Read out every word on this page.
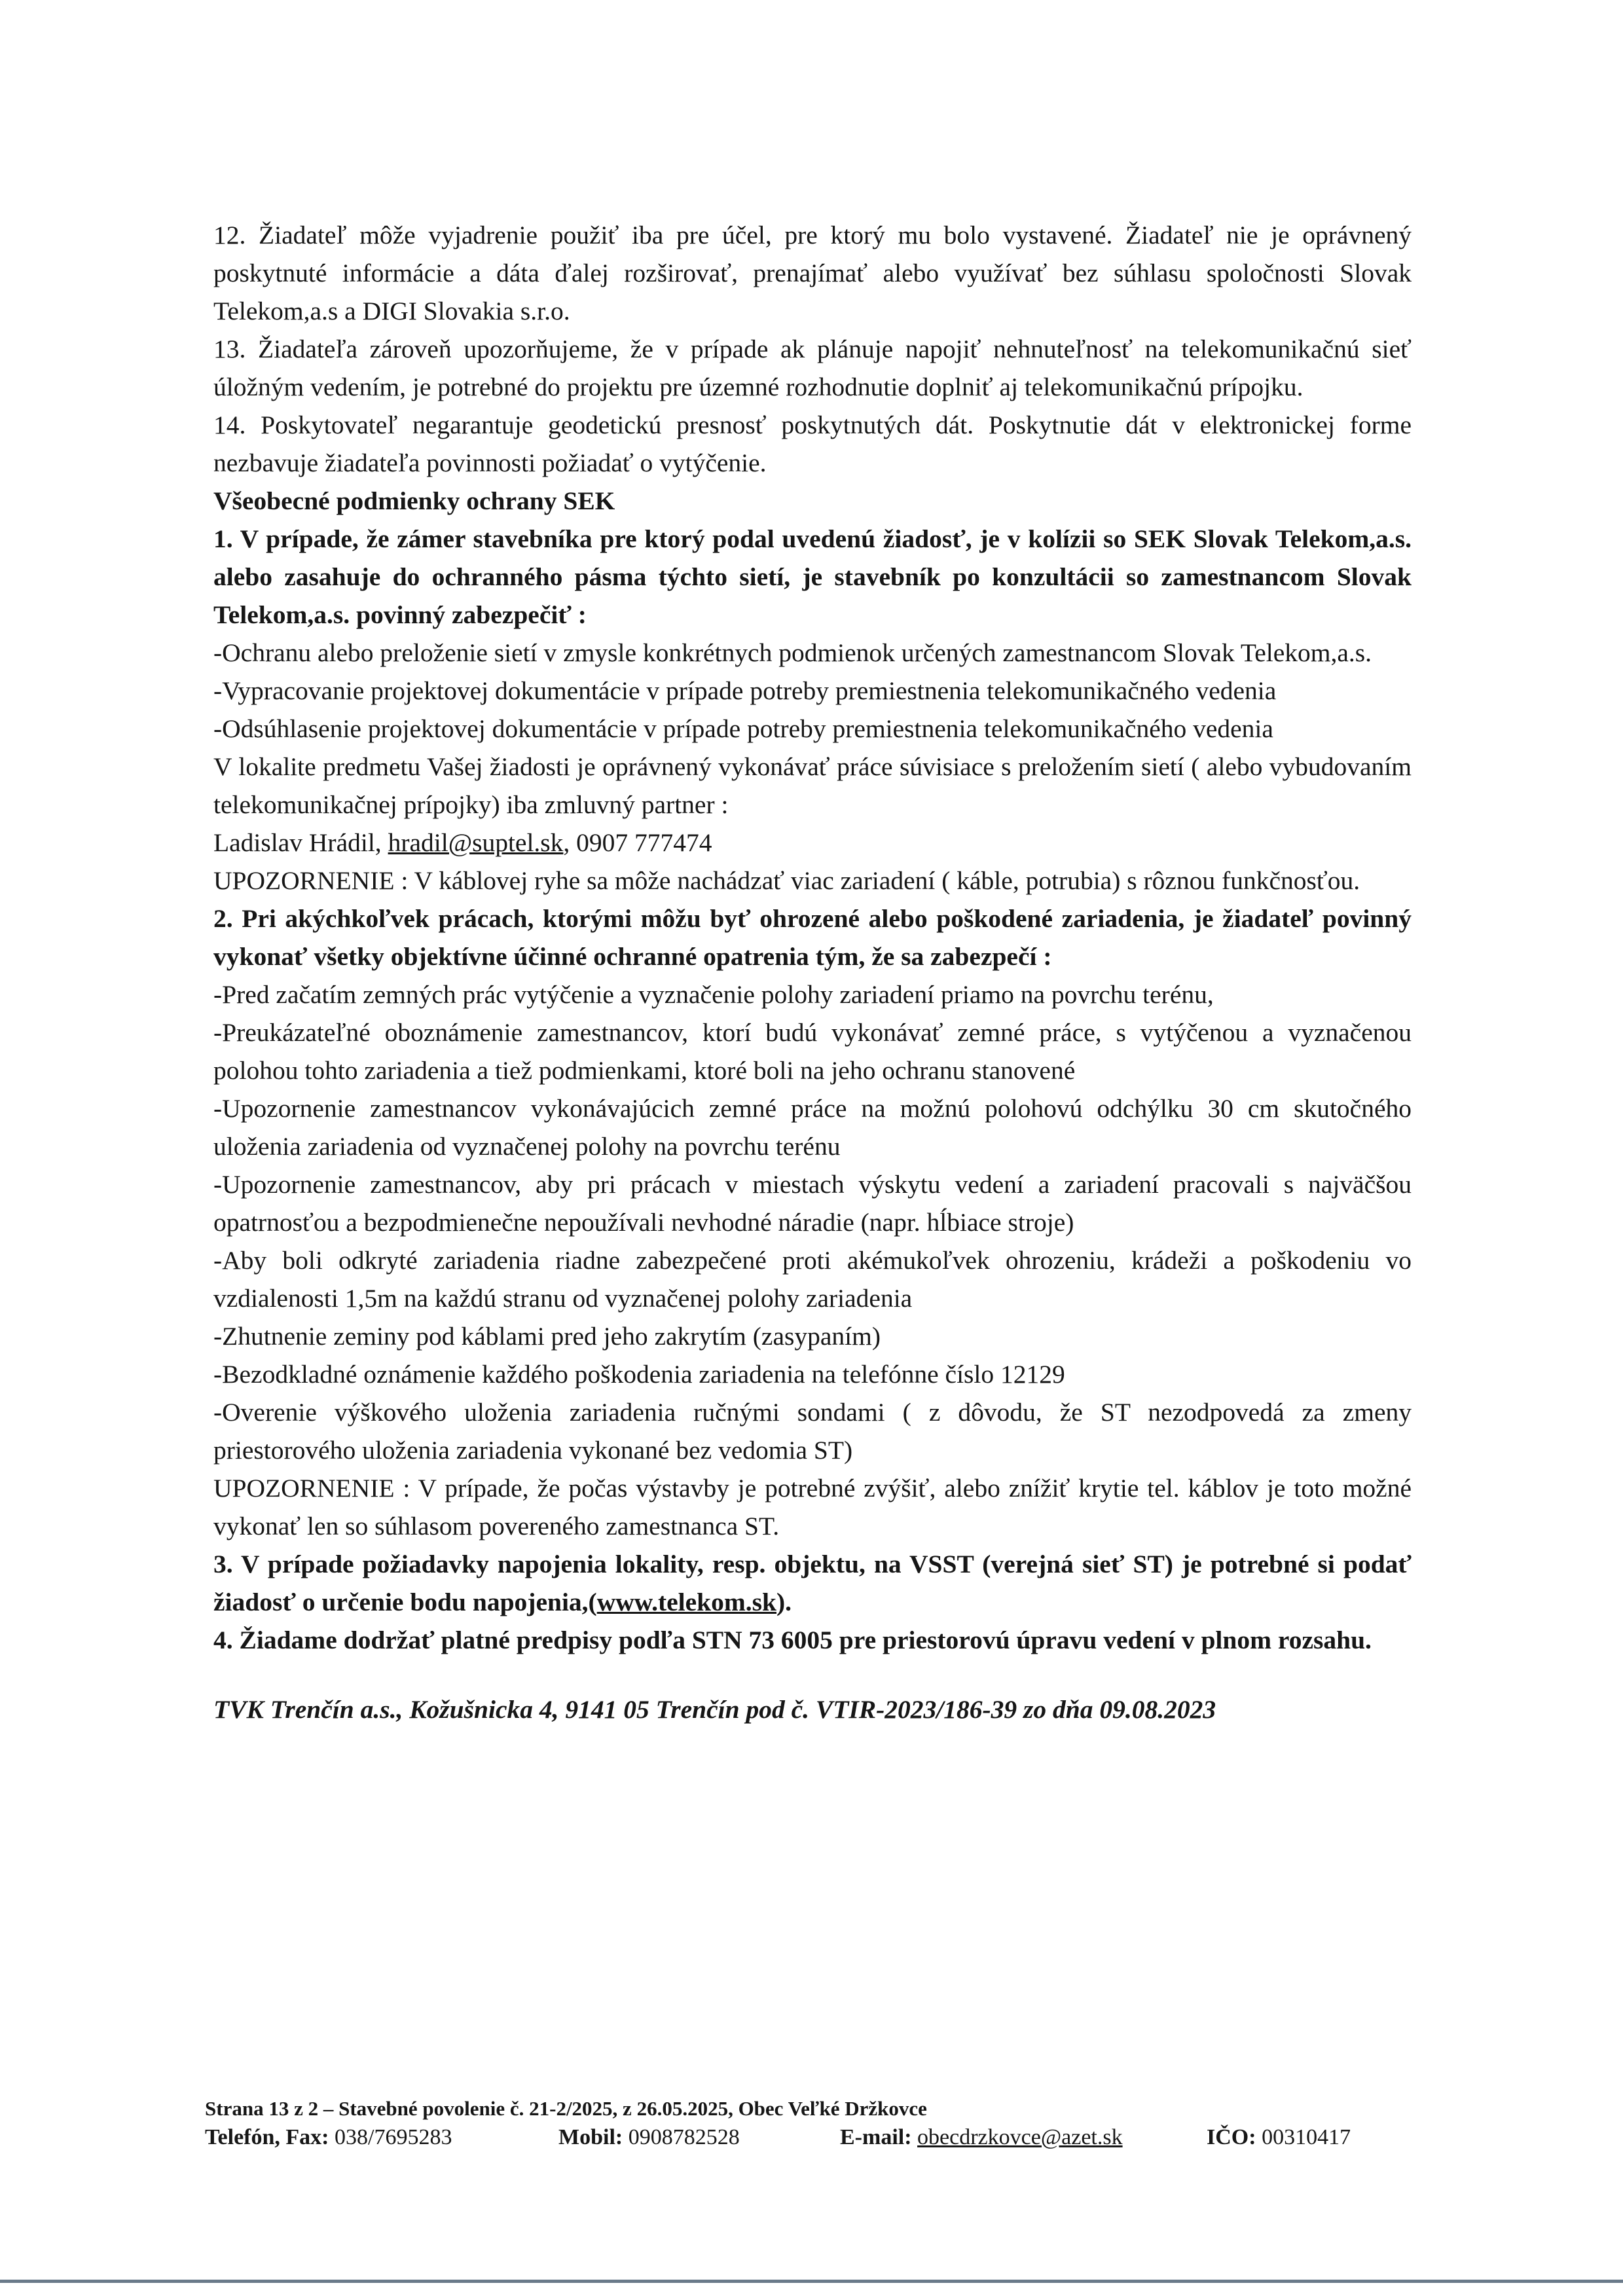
12. Žiadateľ môže vyjadrenie použiť iba pre účel, pre ktorý mu bolo vystavené. Žiadateľ nie je oprávnený poskytnuté informácie a dáta ďalej rozširovať, prenajímať alebo využívať bez súhlasu spoločnosti Slovak Telekom,a.s a DIGI Slovakia s.r.o.

13. Žiadateľa zároveň upozorňujeme, že v prípade ak plánuje napojiť nehnuteľnosť na telekomunikačnú sieť úložným vedením, je potrebné do projektu pre územné rozhodnutie doplniť aj telekomunikačnú prípojku.

14. Poskytovateľ negarantuje geodetickú presnosť poskytnutých dát. Poskytnutie dát v elektronickej forme nezbavuje žiadateľa povinnosti požiadať o vytýčenie.

Všeobecné podmienky ochrany SEK

1. V prípade, že zámer stavebníka pre ktorý podal uvedenú žiadosť, je v kolízii so SEK Slovak Telekom,a.s. alebo zasahuje do ochranného pásma týchto sietí, je stavebník po konzultácii so zamestnancom Slovak Telekom,a.s. povinný zabezpečiť :

-Ochranu alebo preloženie sietí v zmysle konkrétnych podmienok určených zamestnancom Slovak Telekom,a.s.

-Vypracovanie projektovej dokumentácie v prípade potreby premiestnenia telekomunikačného vedenia

-Odsúhlasenie projektovej dokumentácie v prípade potreby premiestnenia telekomunikačného vedenia

V lokalite predmetu Vašej žiadosti je oprávnený vykonávať práce súvisiace s preložením sietí ( alebo vybudovaním telekomunikačnej prípojky) iba zmluvný partner :

Ladislav Hrádil, hradil@suptel.sk, 0907 777474

UPOZORNENIE : V káblovej ryhe sa môže nachádzať viac zariadení ( káble, potrubia) s rôznou funkčnosťou.

2. Pri akýchkoľvek prácach, ktorými môžu byť ohrozené alebo poškodené zariadenia, je žiadateľ povinný vykonať všetky objektívne účinné ochranné opatrenia tým, že sa zabezpečí :

-Pred začatím zemných prác vytýčenie a vyznačenie polohy zariadení priamo na povrchu terénu,

-Preukázateľné oboznámenie zamestnancov, ktorí budú vykonávať zemné práce, s vytýčenou a vyznačenou polohou tohto zariadenia a tiež podmienkami, ktoré boli na jeho ochranu stanovené

-Upozornenie zamestnancov vykonávajúcich zemné práce na možnú polohovú odchýlku 30 cm skutočného uloženia zariadenia od vyznačenej polohy na povrchu terénu

-Upozornenie zamestnancov, aby pri prácach v miestach výskytu vedení a zariadení pracovali s najväčšou opatrnosťou a bezpodmienečne nepoužívali nevhodné náradie (napr. hĺbiace stroje)

-Aby boli odkryté zariadenia riadne zabezpečené proti akémukoľvek ohrozeniu, krádeži a poškodeniu vo vzdialenosti 1,5m na každú stranu od vyznačenej polohy zariadenia

-Zhutnenie zeminy pod káblami pred jeho zakrytím (zasypaním)

-Bezodkladné oznámenie každého poškodenia zariadenia na telefónne číslo 12129

-Overenie výškového uloženia zariadenia ručnými sondami ( z dôvodu, že ST nezodpovedá za zmeny priestorového uloženia zariadenia vykonané bez vedomia ST)

UPOZORNENIE : V prípade, že počas výstavby je potrebné zvýšiť, alebo znížiť krytie tel. káblov je toto možné vykonať len so súhlasom povereného zamestnanca ST.

3. V prípade požiadavky napojenia lokality, resp. objektu, na VSST (verejná sieť ST) je potrebné si podať žiadosť o určenie bodu napojenia,(www.telekom.sk).

4. Žiadame dodržať platné predpisy podľa STN 73 6005 pre priestorovú úpravu vedení v plnom rozsahu.

TVK Trenčín a.s., Kožušnicka 4, 9141 05 Trenčín pod č. VTIR-2023/186-39 zo dňa 09.08.2023

Strana 13 z 2 – Stavebné povolenie č. 21-2/2025, z 26.05.2025, Obec Veľké Držkovce

Telefón, Fax: 038/7695283	Mobil: 0908782528	E-mail: obecdrzkovce@azet.sk	IČO: 00310417
